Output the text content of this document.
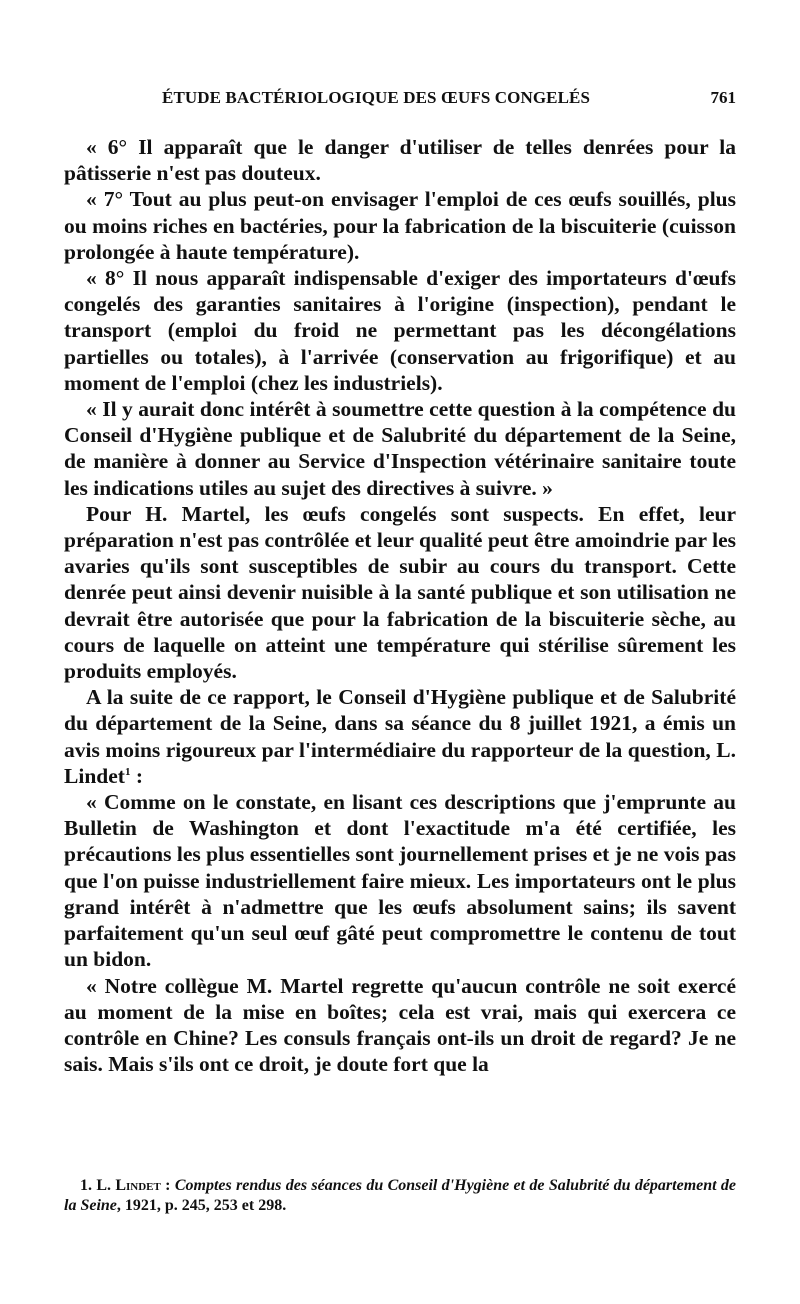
ÉTUDE BACTÉRIOLOGIQUE DES ŒUFS CONGELÉS	761

« 6° Il apparaît que le danger d'utiliser de telles denrées pour la pâtisserie n'est pas douteux.

« 7° Tout au plus peut-on envisager l'emploi de ces œufs souillés, plus ou moins riches en bactéries, pour la fabrication de la biscuiterie (cuisson prolongée à haute température).

« 8° Il nous apparaît indispensable d'exiger des importateurs d'œufs congelés des garanties sanitaires à l'origine (inspection), pendant le transport (emploi du froid ne permettant pas les décongélations partielles ou totales), à l'arrivée (conservation au frigorifique) et au moment de l'emploi (chez les industriels).

« Il y aurait donc intérêt à soumettre cette question à la compétence du Conseil d'Hygiène publique et de Salubrité du département de la Seine, de manière à donner au Service d'Inspection vétérinaire sanitaire toute les indications utiles au sujet des directives à suivre. »

Pour H. Martel, les œufs congelés sont suspects. En effet, leur préparation n'est pas contrôlée et leur qualité peut être amoindrie par les avaries qu'ils sont susceptibles de subir au cours du transport. Cette denrée peut ainsi devenir nuisible à la santé publique et son utilisation ne devrait être autorisée que pour la fabrication de la biscuiterie sèche, au cours de laquelle on atteint une température qui stérilise sûrement les produits employés.

A la suite de ce rapport, le Conseil d'Hygiène publique et de Salubrité du département de la Seine, dans sa séance du 8 juillet 1921, a émis un avis moins rigoureux par l'intermédiaire du rapporteur de la question, L. Lindet$^1$ :

« Comme on le constate, en lisant ces descriptions que j'emprunte au Bulletin de Washington et dont l'exactitude m'a été certifiée, les précautions les plus essentielles sont journellement prises et je ne vois pas que l'on puisse industriellement faire mieux. Les importateurs ont le plus grand intérêt à n'admettre que les œufs absolument sains; ils savent parfaitement qu'un seul œuf gâté peut compromettre le contenu de tout un bidon.

« Notre collègue M. Martel regrette qu'aucun contrôle ne soit exercé au moment de la mise en boîtes; cela est vrai, mais qui exercera ce contrôle en Chine? Les consuls français ont-ils un droit de regard? Je ne sais. Mais s'ils ont ce droit, je doute fort que la

1. L. Lindet : Comptes rendus des séances du Conseil d'Hygiène et de Salubrité du département de la Seine, 1921, p. 245, 253 et 298.
